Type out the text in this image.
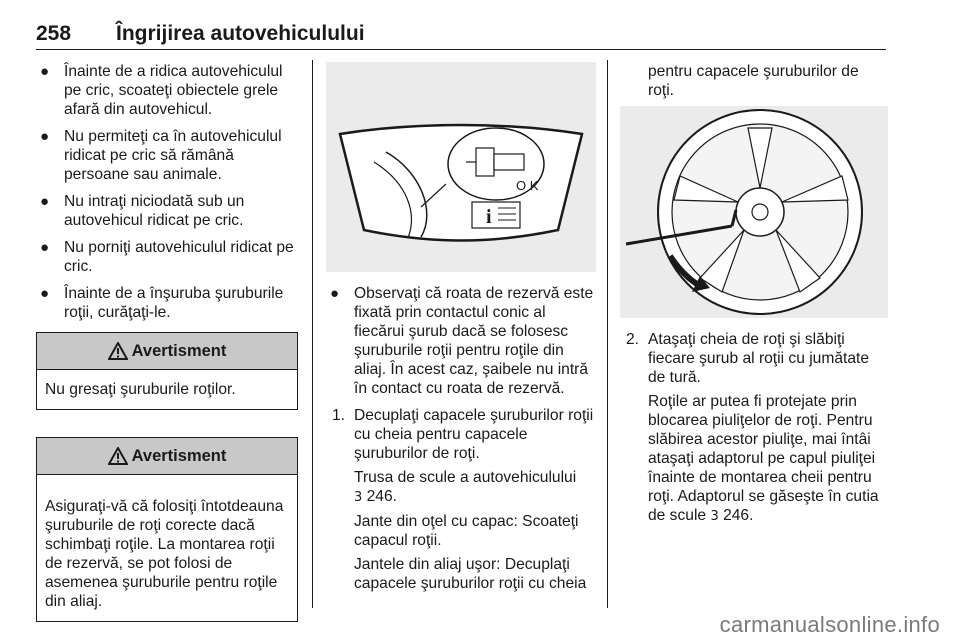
258 Îngrijirea autovehiculului
● Înainte de a ridica autovehiculul pe cric, scoateţi obiectele grele afară din autovehicul.
● Nu permiteţi ca în autovehiculul ridicat pe cric să rămână persoane sau animale.
● Nu intraţi niciodată sub un autovehicul ridicat pe cric.
● Nu porniţi autovehiculul ridicat pe cric.
● Înainte de a înşuruba şuruburile roţii, curăţaţi-le.
Avertisment
Nu gresaţi şuruburile roţilor.
Avertisment
Asiguraţi-vă că folosiţi întotdeauna şuruburile de roţi corecte dacă schimbaţi roţile. La montarea roţii de rezervă, se pot folosi de asemenea şuruburile pentru roţile din aliaj.
O K
i
● Observaţi că roata de rezervă este fixată prin contactul conic al fiecărui şurub dacă se folosesc şuruburile roţii pentru roţile din aliaj. În acest caz, şaibele nu intră în contact cu roata de rezervă.
1. Decuplaţi capacele şuruburilor roţii cu cheia pentru capacele şuruburilor de roţi.
Trusa de scule a autovehiculului
3 246.
Jante din oţel cu capac: Scoateţi capacul roţii.
Jantele din aliaj uşor: Decuplaţi capacele şuruburilor roţii cu cheia
pentru capacele şuruburilor de roţi.
2. Ataşaţi cheia de roţi şi slăbiţi fiecare şurub al roţii cu jumătate de tură.
Roţile ar putea fi protejate prin blocarea piuliţelor de roţi. Pentru slăbirea acestor piuliţe, mai întâi ataşaţi adaptorul pe capul piuliţei înainte de montarea cheii pentru roţi. Adaptorul se găseşte în cutia de scule 3 246.
carmanualsonline.info
